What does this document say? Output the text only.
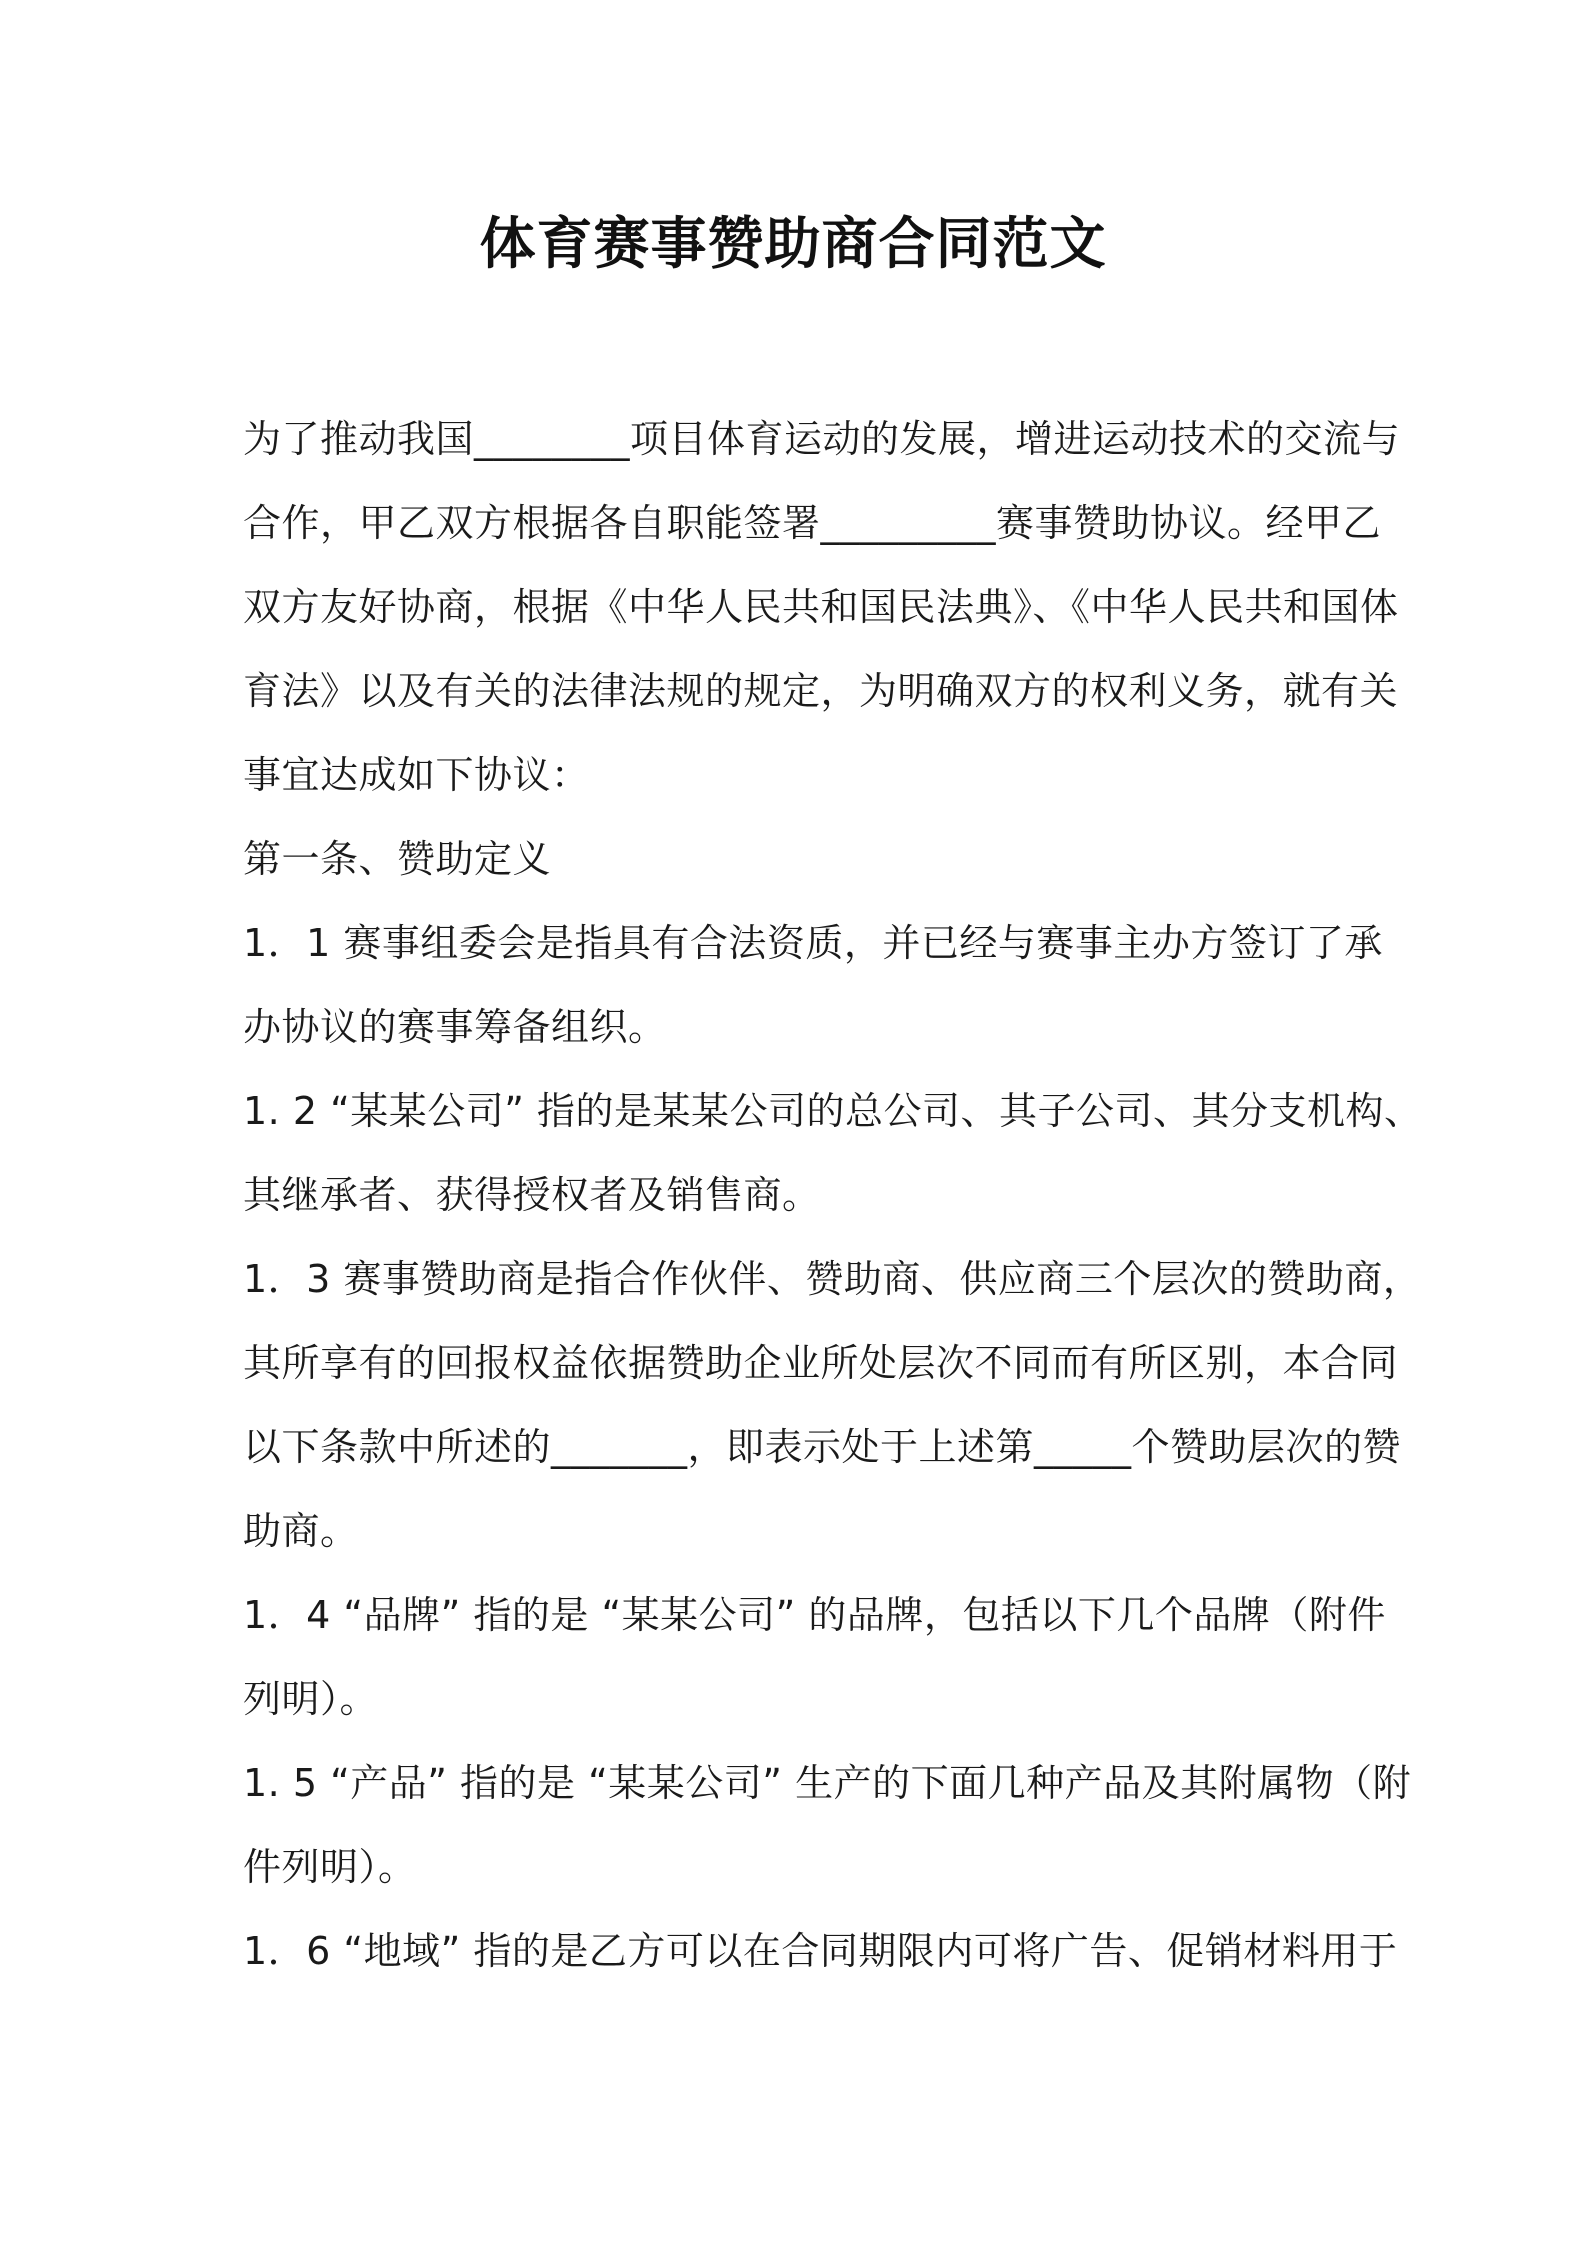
体育赛事赞助商合同范文
为了推动我国________项目体育运动的发展，增进运动技术的交流与
合作，甲乙双方根据各自职能签署_________赛事赞助协议。经甲乙
双方友好协商，根据《中华人民共和国民法典》、《中华人民共和国体
育法》以及有关的法律法规的规定，为明确双方的权利义务，就有关
事宜达成如下协议：
第一条、赞助定义
1．1 赛事组委会是指具有合法资质，并已经与赛事主办方签订了承
办协议的赛事筹备组织。
1. 2 “某某公司” 指的是某某公司的总公司、其子公司、其分支机构、
其继承者、获得授权者及销售商。
1．3 赛事赞助商是指合作伙伴、赞助商、供应商三个层次的赞助商，
其所享有的回报权益依据赞助企业所处层次不同而有所区别，本合同
以下条款中所述的_______，即表示处于上述第_____个赞助层次的赞
助商。
1．4 “品牌” 指的是 “某某公司” 的品牌，包括以下几个品牌（附件
列明）。
1. 5 “产品” 指的是 “某某公司” 生产的下面几种产品及其附属物（附
件列明）。
1．6 “地域” 指的是乙方可以在合同期限内可将广告、促销材料用于
